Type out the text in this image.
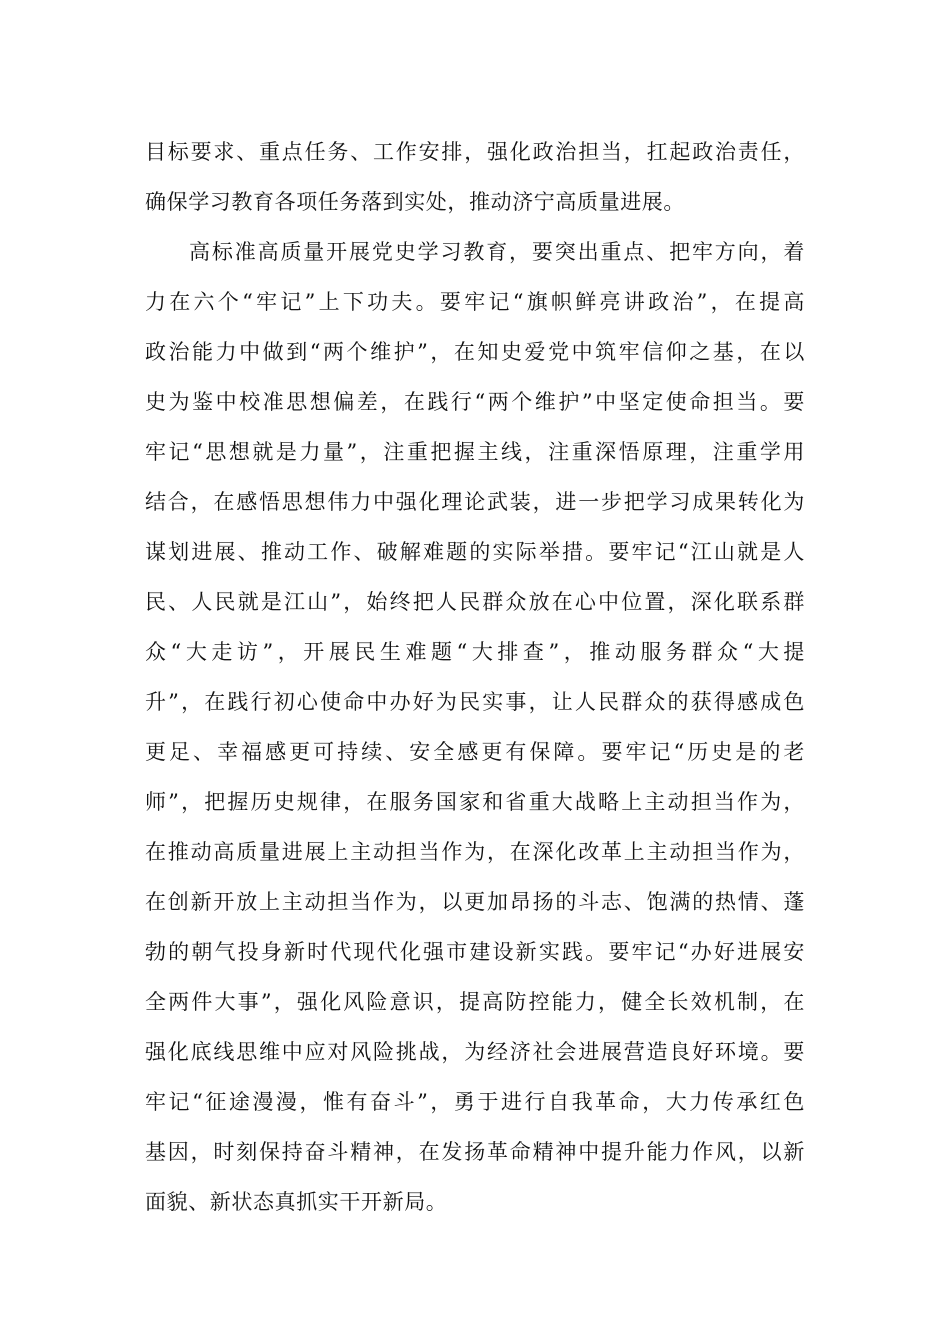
目标要求、重点任务、工作安排，强化政治担当，扛起政治责任，
确保学习教育各项任务落到实处，推动济宁高质量进展。
高标准高质量开展党史学习教育，要突出重点、把牢方向，着
力在六个“牢记”上下功夫。要牢记“旗帜鲜亮讲政治”，在提高
政治能力中做到“两个维护”，在知史爱党中筑牢信仰之基，在以
史为鉴中校准思想偏差，在践行“两个维护”中坚定使命担当。要
牢记“思想就是力量”，注重把握主线，注重深悟原理，注重学用
结合，在感悟思想伟力中强化理论武装，进一步把学习成果转化为
谋划进展、推动工作、破解难题的实际举措。要牢记“江山就是人
民、人民就是江山”，始终把人民群众放在心中位置，深化联系群
众“大走访”，开展民生难题“大排查”，推动服务群众“大提
升”，在践行初心使命中办好为民实事，让人民群众的获得感成色
更足、幸福感更可持续、安全感更有保障。要牢记“历史是的老
师”，把握历史规律，在服务国家和省重大战略上主动担当作为，
在推动高质量进展上主动担当作为，在深化改革上主动担当作为，
在创新开放上主动担当作为，以更加昂扬的斗志、饱满的热情、蓬
勃的朝气投身新时代现代化强市建设新实践。要牢记“办好进展安
全两件大事”，强化风险意识，提高防控能力，健全长效机制，在
强化底线思维中应对风险挑战，为经济社会进展营造良好环境。要
牢记“征途漫漫，惟有奋斗”，勇于进行自我革命，大力传承红色
基因，时刻保持奋斗精神，在发扬革命精神中提升能力作风，以新
面貌、新状态真抓实干开新局。
